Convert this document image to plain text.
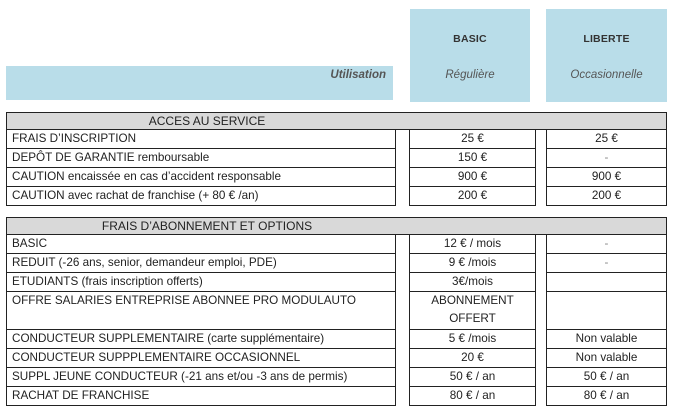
Utilisation
BASIC	LIBERTE
Régulière	Occasionnelle
ACCES AU SERVICE
FRAIS D’INSCRIPTION	25 €	25 €
DEPÔT DE GARANTIE remboursable	150 €	-
CAUTION encaissée en cas d’accident responsable	900 €	900 €
CAUTION avec rachat de franchise (+ 80 € /an)	200 €	200 €
FRAIS D’ABONNEMENT ET OPTIONS
BASIC	12 € / mois	-
REDUIT (-26 ans, senior, demandeur emploi, PDE)	9 € /mois	-
ETUDIANTS (frais inscription offerts)	3€/mois
OFFRE SALARIES ENTREPRISE ABONNEE PRO MODULAUTO	ABONNEMENT
OFFERT
CONDUCTEUR SUPPLEMENTAIRE (carte supplémentaire)	5 € /mois	Non valable
CONDUCTEUR SUPPPLEMENTAIRE OCCASIONNEL	20 €	Non valable
SUPPL JEUNE CONDUCTEUR (-21 ans et/ou -3 ans de permis)	50 € / an	50 € / an
RACHAT DE FRANCHISE	80 € / an	80 € / an
